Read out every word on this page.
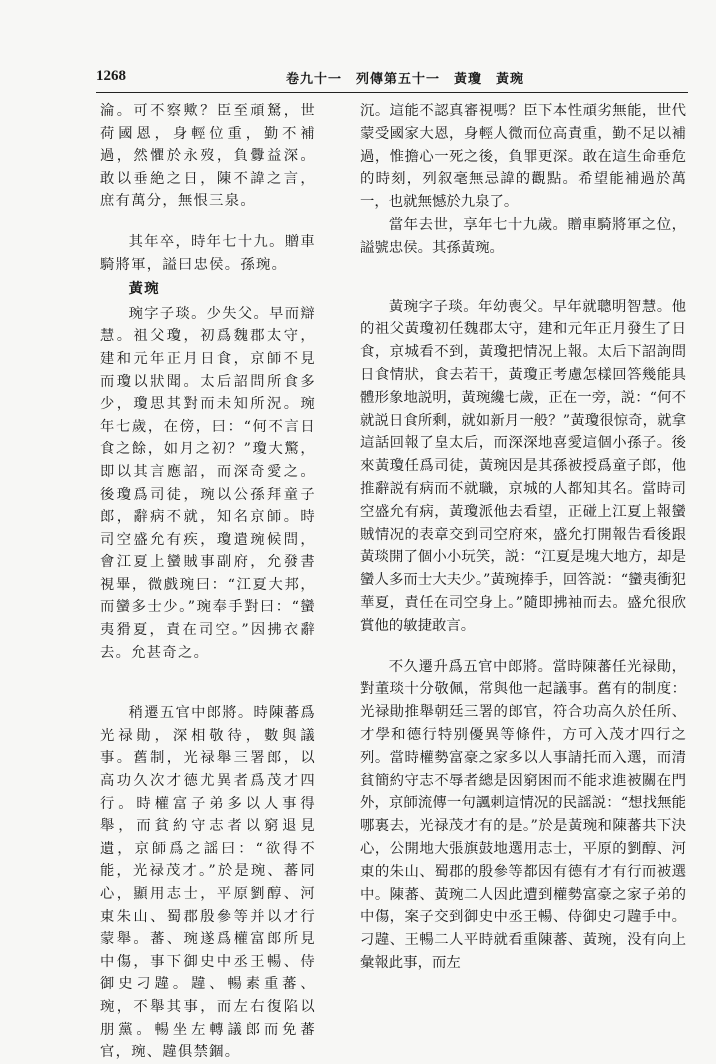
1268	卷九十一　列傳第五十一　黃瓊　黃琬

淪。可不察歟？臣至頑駑，世荷國恩，身輕位重，勤不補過，然懼於永歿，負釁益深。敢以垂絶之日，陳不諱之言，庶有萬分，無恨三泉。

其年卒，時年七十九。贈車騎將軍，謚曰忠侯。孫琬。

黃琬

琬字子琰。少失父。早而辯慧。祖父瓊，初爲魏郡太守，建和元年正月日食，京師不見而瓊以狀聞。太后詔問所食多少，瓊思其對而未知所況。琬年七歲，在傍，曰：“何不言日食之餘，如月之初？”瓊大驚，即以其言應詔，而深奇愛之。後瓊爲司徒，琬以公孫拜童子郎，辭病不就，知名京師。時司空盛允有疾，瓊遣琬候問，會江夏上蠻賊事副府，允發書視畢，微戲琬曰：“江夏大邦，而蠻多士少。”琬奉手對曰：“蠻夷猾夏，責在司空。”因拂衣辭去。允甚奇之。

稍遷五官中郎將。時陳蕃爲光禄勛，深相敬待，數與議事。舊制，光禄舉三署郎，以高功久次才德尤異者爲茂才四行。時權富子弟多以人事得舉，而貧約守志者以窮退見遺，京師爲之謡曰：“欲得不能，光禄茂才。”於是琬、蕃同心，顯用志士，平原劉醇、河東朱山、蜀郡殷參等并以才行蒙舉。蕃、琬遂爲權富郎所見中傷，事下御史中丞王暢、侍御史刁韙。韙、暢素重蕃、琬，不舉其事，而左右復陷以朋黨。暢坐左轉議郎而免蕃官，琬、韙俱禁錮。

沉。這能不認真審視嗎？臣下本性頑劣無能，世代蒙受國家大恩，身輕人微而位高責重，勤不足以補過，惟擔心一死之後，負罪更深。敢在這生命垂危的時刻，列叙毫無忌諱的觀點。希望能補過於萬一，也就無憾於九泉了。

當年去世，享年七十九歲。贈車騎將軍之位，謚號忠侯。其孫黃琬。

黃琬字子琰。年幼喪父。早年就聰明智慧。他的祖父黃瓊初任魏郡太守，建和元年正月發生了日食，京城看不到，黃瓊把情况上報。太后下詔詢問日食情狀，食去若干，黃瓊正考慮怎樣回答幾能具體形象地説明，黃琬纔七歲，正在一旁，説：“何不就説日食所剩，就如新月一般？”黃瓊很惊奇，就拿這話回報了皇太后，而深深地喜愛這個小孫子。後來黃瓊任爲司徒，黃琬因是其孫被授爲童子郎，他推辭説有病而不就職，京城的人都知其名。當時司空盛允有病，黃瓊派他去看望，正碰上江夏上報蠻賊情况的表章交到司空府來，盛允打開報告看後跟黃琰開了個小小玩笑，説：“江夏是塊大地方，却是蠻人多而士大夫少。”黃琬捧手，回答説：“蠻夷衝犯華夏，責任在司空身上。”隨即拂袖而去。盛允很欣賞他的敏捷敢言。

不久遷升爲五官中郎將。當時陳蕃任光禄勛，對董琰十分敬佩，常與他一起議事。舊有的制度：光禄勛推舉朝廷三署的郎官，符合功高久於任所、才學和德行特别優異等條件，方可入茂才四行之列。當時權勢富豪之家多以人事請托而入選，而清貧簡約守志不辱者總是因窮困而不能求進被關在門外，京師流傳一句諷刺這情况的民謡説：“想找無能哪裏去，光禄茂才有的是。”於是黃琬和陳蕃共下決心，公開地大張旗鼓地選用志士，平原的劉醇、河東的朱山、蜀郡的殷參等都因有德有才有行而被選中。陳蕃、黃琬二人因此遭到權勢富豪之家子弟的中傷，案子交到御史中丞王暢、侍御史刁韙手中。刁韙、王暢二人平時就看重陳蕃、黃琬，没有向上彙報此事，而左
